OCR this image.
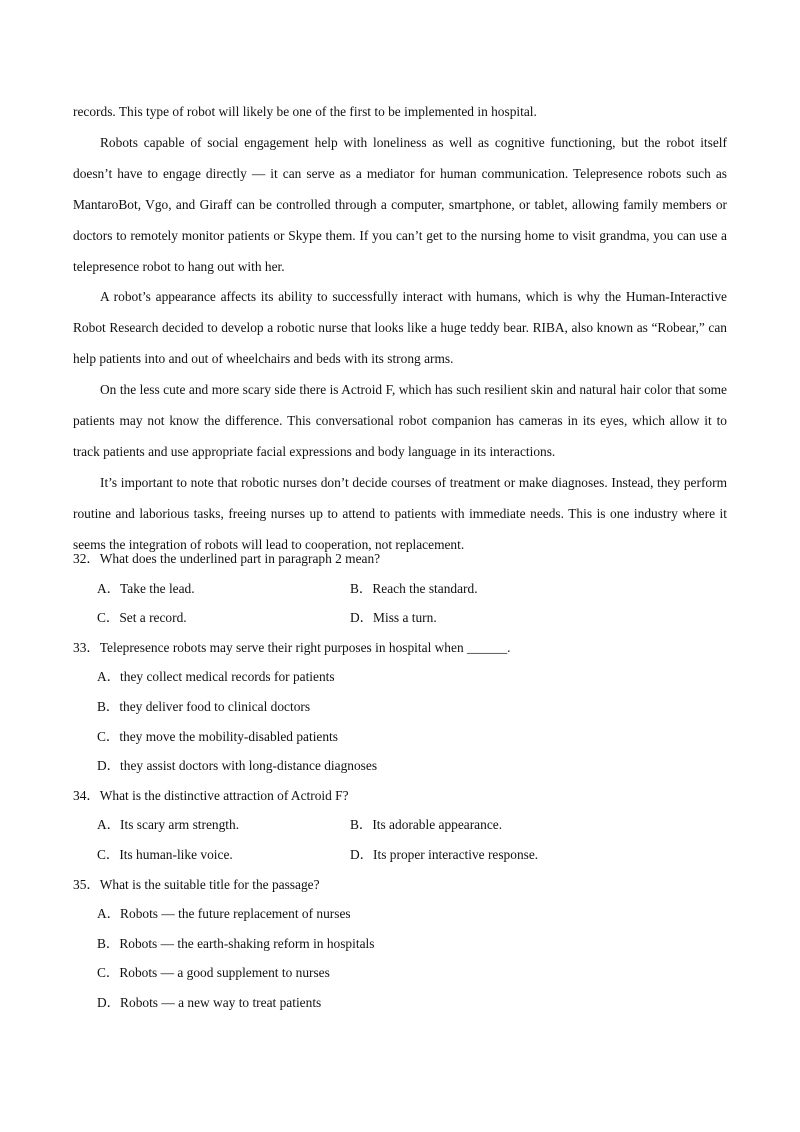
records. This type of robot will likely be one of the first to be implemented in hospital.

Robots capable of social engagement help with loneliness as well as cognitive functioning, but the robot itself doesn’t have to engage directly — it can serve as a mediator for human communication. Telepresence robots such as MantaroBot, Vgo, and Giraff can be controlled through a computer, smartphone, or tablet, allowing family members or doctors to remotely monitor patients or Skype them. If you can’t get to the nursing home to visit grandma, you can use a telepresence robot to hang out with her.

A robot’s appearance affects its ability to successfully interact with humans, which is why the Human-Interactive Robot Research decided to develop a robotic nurse that looks like a huge teddy bear. RIBA, also known as “Robear,” can help patients into and out of wheelchairs and beds with its strong arms.

On the less cute and more scary side there is Actroid F, which has such resilient skin and natural hair color that some patients may not know the difference. This conversational robot companion has cameras in its eyes, which allow it to track patients and use appropriate facial expressions and body language in its interactions.

It’s important to note that robotic nurses don’t decide courses of treatment or make diagnoses. Instead, they perform routine and laborious tasks, freeing nurses up to attend to patients with immediate needs. This is one industry where it seems the integration of robots will lead to cooperation, not replacement.

32．What does the underlined part in paragraph 2 mean?
A．Take the lead.	B．Reach the standard.
C．Set a record.	D．Miss a turn.
33．Telepresence robots may serve their right purposes in hospital when ______.
A．they collect medical records for patients
B．they deliver food to clinical doctors
C．they move the mobility-disabled patients
D．they assist doctors with long-distance diagnoses
34．What is the distinctive attraction of Actroid F?
A．Its scary arm strength.	B．Its adorable appearance.
C．Its human-like voice.	D．Its proper interactive response.
35．What is the suitable title for the passage?
A．Robots — the future replacement of nurses
B．Robots — the earth-shaking reform in hospitals
C．Robots — a good supplement to nurses
D．Robots — a new way to treat patients
